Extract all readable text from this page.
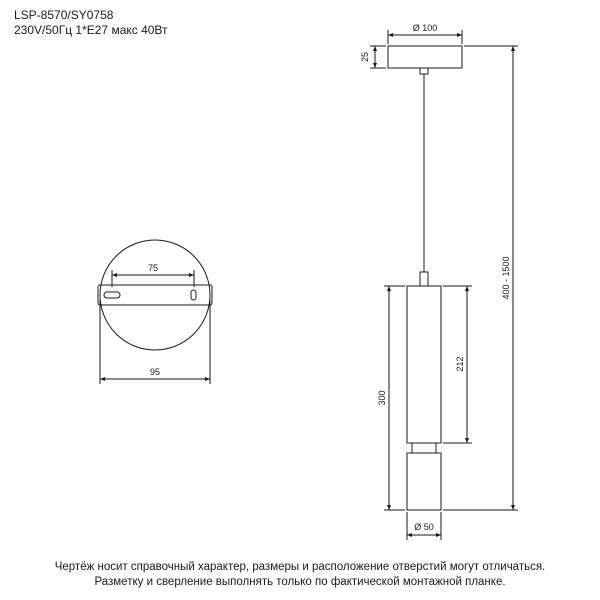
LSP-8570/SY0758
230V/50Гц 1*E27 макс 40Вт	Ø 100
25
400 - 1500
300
212
Ø 50
75
95
Чертёж носит справочный характер, размеры и расположение отверстий могут отличаться.
Разметку и сверление выполнять только по фактической монтажной планке.
